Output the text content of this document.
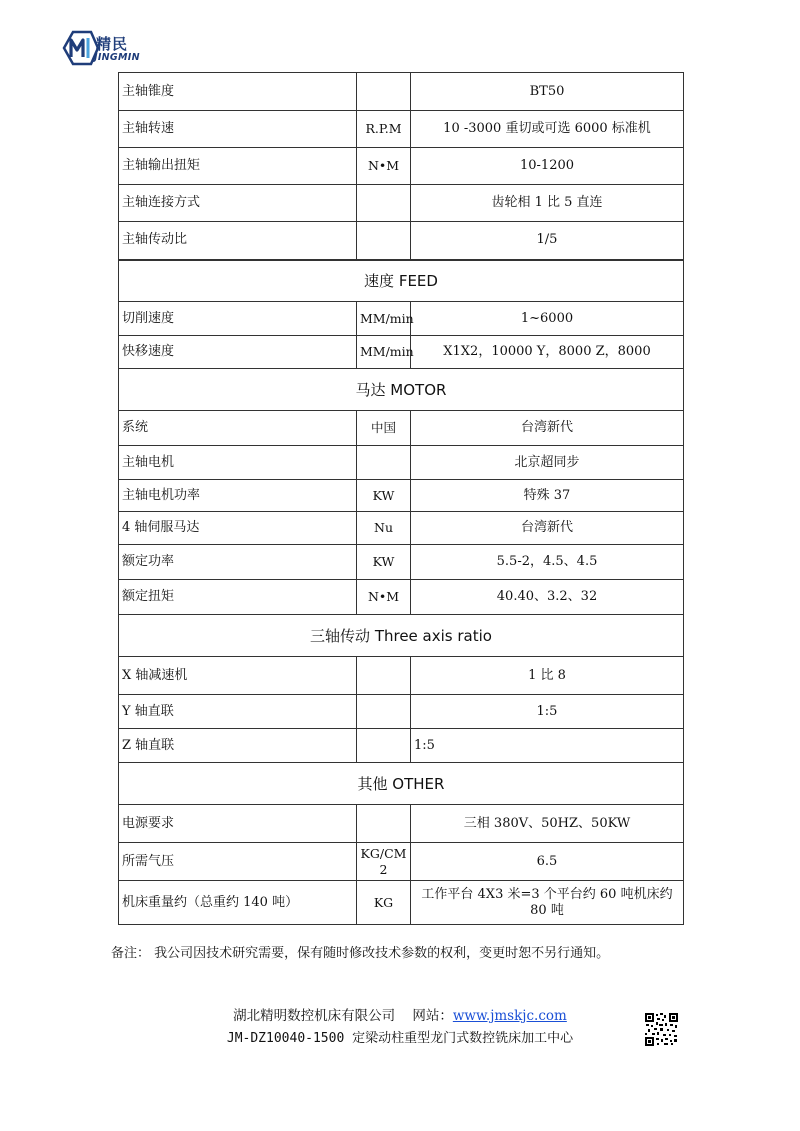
精民
JINGMIN
主轴锥度		BT50
主轴转速	R.P.M	10 -3000 重切或可选 6000 标准机
主轴输出扭矩	N•M	10-1200
主轴连接方式		齿轮相 1 比 5 直连
主轴传动比		1/5
速度 FEED		
切削速度	MM/min	1~6000
快移速度	MM/min	X1X2，10000 Y，8000 Z，8000
马达 MOTOR		
系统	中国	台湾新代
主轴电机		北京超同步
主轴电机功率	KW	特殊 37
4 轴伺服马达	Nu	台湾新代
额定功率	KW	5.5-2，4.5、4.5
额定扭矩	N•M	40.40、3.2、32
三轴传动 Three axis ratio		
X 轴减速机		1 比 8
Y 轴直联		1:5
Z 轴直联		1:5
其他 OTHER		
电源要求		三相 380V、50HZ、50KW
所需气压	KG/CM2	6.5
机床重量约（总重约 140 吨）	KG	工作平台 4X3 米=3 个平台约 60 吨机床约 80 吨
备注： 我公司因技术研究需要，保有随时修改技术参数的权利，变更时恕不另行通知。
湖北精明数控机床有限公司 网站：www.jmskjc.com
JM-DZ10040-1500 定梁动柱重型龙门式数控铣床加工中心
